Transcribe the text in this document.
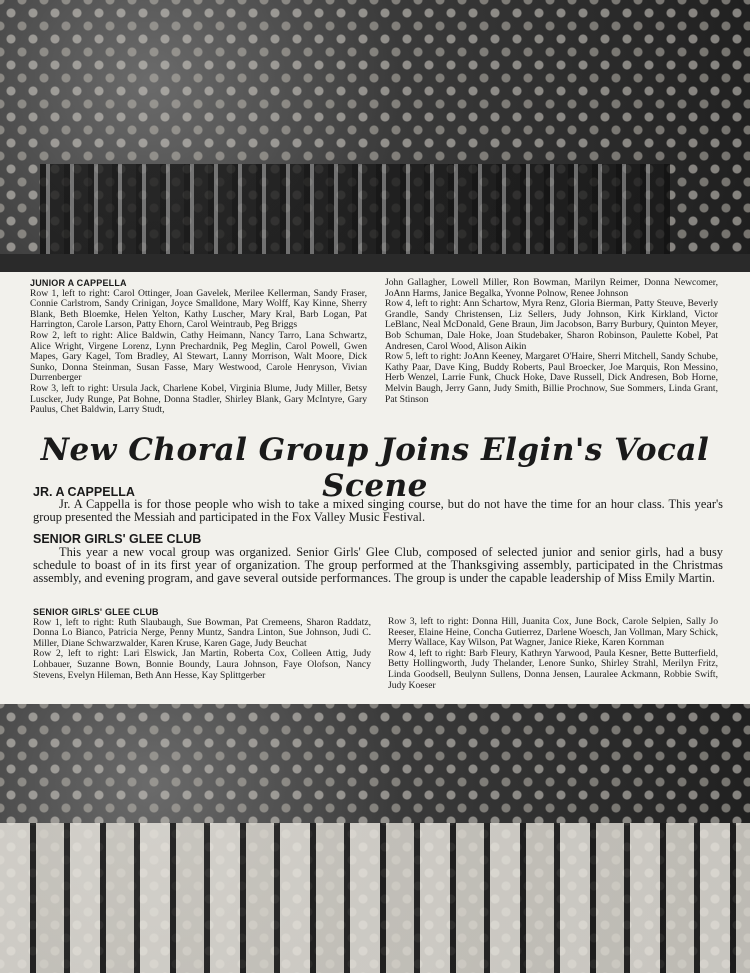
JUNIOR A CAPPELLA
Row 1, left to right: Carol Ottinger, Joan Gavelek, Merilee Kellerman, Sandy Fraser, Connie Carlstrom, Sandy Crinigan, Joyce Smalldone, Mary Wolff, Kay Kinne, Sherry Blank, Beth Bloemke, Helen Yelton, Kathy Luscher, Mary Kral, Barb Logan, Pat Harrington, Carole Larson, Patty Ehorn, Carol Weintraub, Peg Briggs
Row 2, left to right: Alice Baldwin, Cathy Heimann, Nancy Tarro, Lana Schwartz, Alice Wright, Virgene Lorenz, Lynn Prechardnik, Peg Meglin, Carol Powell, Gwen Mapes, Gary Kagel, Tom Bradley, Al Stewart, Lanny Morrison, Walt Moore, Dick Sunko, Donna Steinman, Susan Fasse, Mary Westwood, Carole Henryson, Vivian Durrenberger
Row 3, left to right: Ursula Jack, Charlene Kobel, Virginia Blume, Judy Miller, Betsy Luscker, Judy Runge, Pat Bohne, Donna Stadler, Shirley Blank, Gary McIntyre, Gary Paulus, Chet Baldwin, Larry Studt,
John Gallagher, Lowell Miller, Ron Bowman, Marilyn Reimer, Donna Newcomer, JoAnn Harms, Janice Begalka, Yvonne Polnow, Renee Johnson
Row 4, left to right: Ann Schartow, Myra Renz, Gloria Bierman, Patty Steuve, Beverly Grandle, Sandy Christensen, Liz Sellers, Judy Johnson, Kirk Kirkland, Victor LeBlanc, Neal McDonald, Gene Braun, Jim Jacobson, Barry Burbury, Quinton Meyer, Bob Schuman, Dale Hoke, Joan Studebaker, Sharon Robinson, Paulette Kobel, Pat Andresen, Carol Wood, Alison Aikin
Row 5, left to right: JoAnn Keeney, Margaret O'Haire, Sherri Mitchell, Sandy Schube, Kathy Paar, Dave King, Buddy Roberts, Paul Broecker, Joe Marquis, Ron Messino, Herb Wenzel, Larrie Funk, Chuck Hoke, Dave Russell, Dick Andresen, Bob Horne, Melvin Baugh, Jerry Gann, Judy Smith, Billie Prochnow, Sue Sommers, Linda Grant, Pat Stinson
New Choral Group Joins Elgin's Vocal Scene
JR. A CAPPELLA
Jr. A Cappella is for those people who wish to take a mixed singing course, but do not have the time for an hour class. This year's group presented the Messiah and participated in the Fox Valley Music Festival.
SENIOR GIRLS' GLEE CLUB
This year a new vocal group was organized. Senior Girls' Glee Club, composed of selected junior and senior girls, had a busy schedule to boast of in its first year of organization. The group performed at the Thanksgiving assembly, participated in the Christmas assembly, and evening program, and gave several outside performances. The group is under the capable leadership of Miss Emily Martin.
SENIOR GIRLS' GLEE CLUB
Row 1, left to right: Ruth Slaubaugh, Sue Bowman, Pat Cremeens, Sharon Raddatz, Donna Lo Bianco, Patricia Nerge, Penny Muntz, Sandra Linton, Sue Johnson, Judi C. Miller, Diane Schwarzwalder, Karen Kruse, Karen Gage, Judy Beuchat
Row 2, left to right: Lari Elswick, Jan Martin, Roberta Cox, Colleen Attig, Judy Lohbauer, Suzanne Bown, Bonnie Boundy, Laura Johnson, Faye Olofson, Nancy Stevens, Evelyn Hileman, Beth Ann Hesse, Kay Splittgerber
Row 3, left to right: Donna Hill, Juanita Cox, June Bock, Carole Selpien, Sally Jo Reeser, Elaine Heine, Concha Gutierrez, Darlene Woesch, Jan Vollman, Mary Schick, Merry Wallace, Kay Wilson, Pat Wagner, Janice Rieke, Karen Kornman
Row 4, left to right: Barb Fleury, Kathryn Yarwood, Paula Kesner, Bette Butterfield, Betty Hollingworth, Judy Thelander, Lenore Sunko, Shirley Strahl, Merilyn Fritz, Linda Goodsell, Beulynn Sullens, Donna Jensen, Lauralee Ackmann, Robbie Swift, Judy Koeser
